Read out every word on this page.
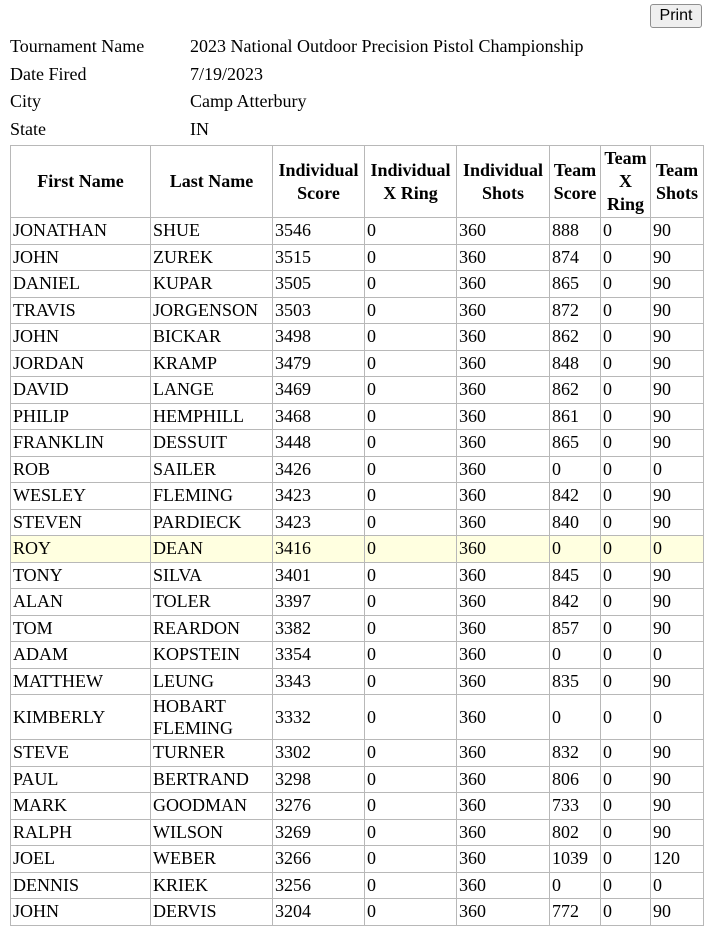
Print
Tournament Name	2023 National Outdoor Precision Pistol Championship
Date Fired	7/19/2023
City	Camp Atterbury
State	IN
First Name	Last Name	Individual Score	Individual X Ring	Individual Shots	Team Score	Team X Ring	Team Shots
JONATHAN	SHUE	3546	0	360	888	0	90
JOHN	ZUREK	3515	0	360	874	0	90
DANIEL	KUPAR	3505	0	360	865	0	90
TRAVIS	JORGENSON	3503	0	360	872	0	90
JOHN	BICKAR	3498	0	360	862	0	90
JORDAN	KRAMP	3479	0	360	848	0	90
DAVID	LANGE	3469	0	360	862	0	90
PHILIP	HEMPHILL	3468	0	360	861	0	90
FRANKLIN	DESSUIT	3448	0	360	865	0	90
ROB	SAILER	3426	0	360	0	0	0
WESLEY	FLEMING	3423	0	360	842	0	90
STEVEN	PARDIECK	3423	0	360	840	0	90
ROY	DEAN	3416	0	360	0	0	0
TONY	SILVA	3401	0	360	845	0	90
ALAN	TOLER	3397	0	360	842	0	90
TOM	REARDON	3382	0	360	857	0	90
ADAM	KOPSTEIN	3354	0	360	0	0	0
MATTHEW	LEUNG	3343	0	360	835	0	90
KIMBERLY	HOBART FLEMING	3332	0	360	0	0	0
STEVE	TURNER	3302	0	360	832	0	90
PAUL	BERTRAND	3298	0	360	806	0	90
MARK	GOODMAN	3276	0	360	733	0	90
RALPH	WILSON	3269	0	360	802	0	90
JOEL	WEBER	3266	0	360	1039	0	120
DENNIS	KRIEK	3256	0	360	0	0	0
JOHN	DERVIS	3204	0	360	772	0	90
